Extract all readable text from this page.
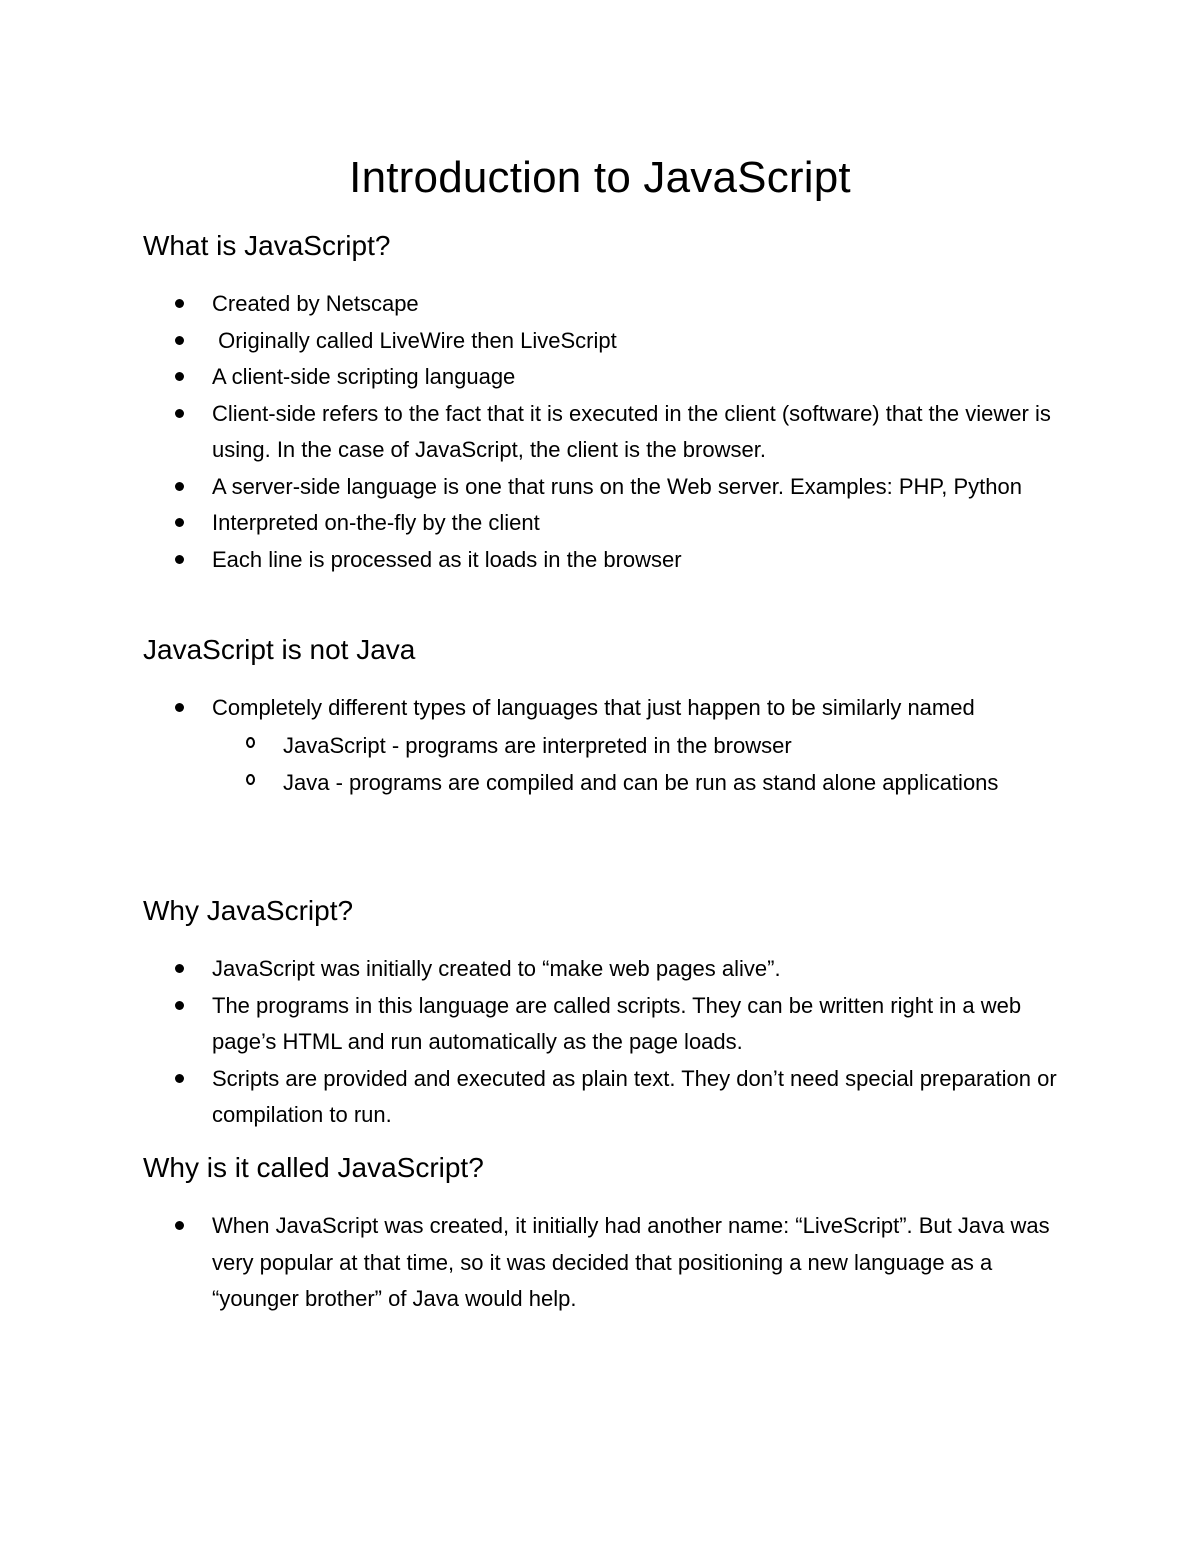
Introduction to JavaScript
What is JavaScript?
Created by Netscape
Originally called LiveWire then LiveScript
A client-side scripting language
Client-side refers to the fact that it is executed in the client (software) that the viewer is using. In the case of JavaScript, the client is the browser.
A server-side language is one that runs on the Web server. Examples: PHP, Python
Interpreted on-the-fly by the client
Each line is processed as it loads in the browser
JavaScript is not Java
Completely different types of languages that just happen to be similarly named
JavaScript - programs are interpreted in the browser
Java - programs are compiled and can be run as stand alone applications
Why JavaScript?
JavaScript was initially created to “make web pages alive”.
The programs in this language are called scripts. They can be written right in a web page’s HTML and run automatically as the page loads.
Scripts are provided and executed as plain text. They don’t need special preparation or compilation to run.
Why is it called JavaScript?
When JavaScript was created, it initially had another name: “LiveScript”. But Java was very popular at that time, so it was decided that positioning a new language as a “younger brother” of Java would help.
